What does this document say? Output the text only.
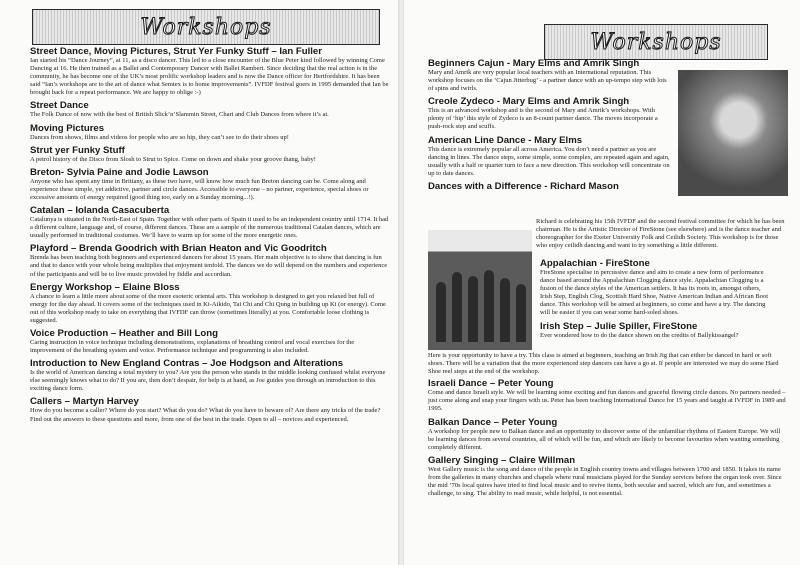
Workshops
Street Dance, Moving Pictures, Strut Yer Funky Stuff – Ian Fuller

Ian started his “Dance Journey”, at 11, as a disco dancer. This led to a close encounter of the Blue Peter kind followed by winning Come Dancing at 16. He then trained as a Ballet and Contemporary Dancer with Ballet Rambert. Since deciding that the real action is in the community, he has become one of the UK’s most prolific workshop leaders and is now the Dance officer for Hertfordshire. It has been said “Ian’s workshops are to the art of dance what Semtex is to home improvements”. IVFDF festival goers in 1995 demanded that Ian be brought back for a repeat performance. We are happy to oblige :-)

Street Dance

The Folk Dance of now with the best of British Slick’n’Slammin Street, Chart and Club Dances from where it’s at.

Moving Pictures

Dances from shows, films and videos for people who are so hip, they can’t see to do their shoes up!

Strut yer Funky Stuff

A petrol history of the Disco from Slosh to Strut to Spice. Come on down and shake your groove thang, baby!

Breton- Sylvia Paine and Jodie Lawson

Anyone who has spent any time in Brittany, as these two have, will know how much fun Breton dancing can be. Come along and experience these simple, yet addictive, partner and circle dances. Accessible to everyone – no partner, experience, special shoes or excessive amounts of energy required (good thing too, early on a Sunday morning...!).

Catalan – Iolanda Casacuberta

Catalunya is situated in the North-East of Spain. Together with other parts of Spain it used to be an independent country until 1714. It had a different culture, language and, of course, different dances. These are a sample of the numerous traditional Catalan dances, which are usually performed in traditional costumes. We’ll have to warm up for some of the more energetic ones.

Playford – Brenda Goodrich with Brian Heaton and Vic Goodritch

Brenda has been teaching both beginners and experienced dancers for about 15 years. Her main objective is to show that dancing is fun and that to dance with your whole being multiplies that enjoyment tenfold. The dances we do will depend on the numbers and experience of the participants and will be to live music provided by fiddle and accordian.

Energy Workshop – Elaine Bloss

A chance to learn a little more about some of the more esoteric oriental arts. This workshop is designed to get you relaxed but full of energy for the day ahead. It covers some of the techniques used in Ki-Aikido, Tai Chi and Chi Qung in building up Ki (or energy). Come out of this workshop ready to take on everything that IVFDF can throw (sometimes literally) at you. Comfortable loose clothing is suggested.

Voice Production – Heather and Bill Long

Caring instruction in voice technique including demonstrations, explanations of breathing control and vocal exercises for the improvement of the breathing system and voice. Performance technique and programming is also included.

Introduction to New England Contras – Joe Hodgson and Alterations

Is the world of American dancing a total mystery to you? Are you the person who stands in the middle looking confused whilst everyone else seemingly knows what to do? If you are, then don’t despair, for help is at hand, as Joe guides you through an introduction to this exciting dance form.

Callers – Martyn Harvey

How do you become a caller? Where do you start? What do you do? What do you have to beware of? Are there any tricks of the trade? Find out the answers to these questions and more, from one of the best in the trade. Open to all – novices and experienced.

Workshops
Beginners Cajun - Mary Elms and Amrik Singh

Mary and Amrik are very popular local teachers with an International reputation. This workshop focuses on the ‘Cajun Jitterbug’ - a partner dance with an up-tempo step with lots of spins and twirls.

Creole Zydeco - Mary Elms and Amrik Singh

This is an advanced workshop and is the second of Mary and Amrik’s workshops. With plenty of ‘hip’ this style of Zydeco is an 8-count partner dance. The moves incorporate a push-rock step and scuffs.

American Line Dance - Mary Elms

This dance is extremely popular all across America. You don’t need a partner as you are dancing in lines. The dance steps, some simple, some complex, are repeated again and again, usually with a half or quarter turn to face a new direction. This workshop will concentrate on up to date dances.

Dances with a Difference - Richard Mason

Richard is celebrating his 15th IVFDF and the second festival committee for which he has been chairman. He is the Artistic Director of FireStone (see elsewhere) and is the dance teacher and choreographer for the Exeter University Folk and Ceilidh Society. This workshop is for those who enjoy ceilidh dancing and want to try something a little different.

Appalachian - FireStone

FireStone specialise in percussive dance and aim to create a new form of performance dance based around the Appalachian Clogging dance style. Appalachian Clogging is a fusion of the dance styles of the American settlers. It has its roots in, amongst others, Irish Step, English Clog, Scottish Hard Shoe, Native American Indian and African Boot dance. This workshop will be aimed at beginners, so come and have a try. The dancing will be easier if you can wear some hard-soled shoes.

Irish Step – Julie Spiller, FireStone

Ever wondered how to do the dance shown on the credits of Ballykissangel?

Here is your opportunity to have a try. This class is aimed at beginners, teaching an Irish Jig that can either be danced in hard or soft shoes. There will be a variation that the more experienced step dancers can have a go at. If people are interested we may do some Hard Shoe reel steps at the end of the workshop.

Israeli Dance – Peter Young

Come and dance Israeli style. We will be learning some exciting and fun dances and graceful flowing circle dances. No partners needed – just come along and snap your fingers with us. Peter has been teaching International Dance for 15 years and taught at IVFDF in 1989 and 1995.

Balkan Dance – Peter Young

A workshop for people new to Balkan dance and an opportunity to discover some of the unfamiliar rhythms of Eastern Europe. We will be learning dances from several countries, all of which will be fun, and which are likely to become favourites when wanting something completely different.

Gallery Singing – Claire Willman

West Gallery music is the song and dance of the people in English country towns and villages between 1700 and 1850. It takes its name from the galleries in many churches and chapels where rural musicians played for the Sunday services before the organ took over. Since the mid ’70s local quires have tried to find local music and to revive items, both secular and sacred, which are fun, and sometimes a challenge, to sing. The ability to read music, while helpful, is not essential.
